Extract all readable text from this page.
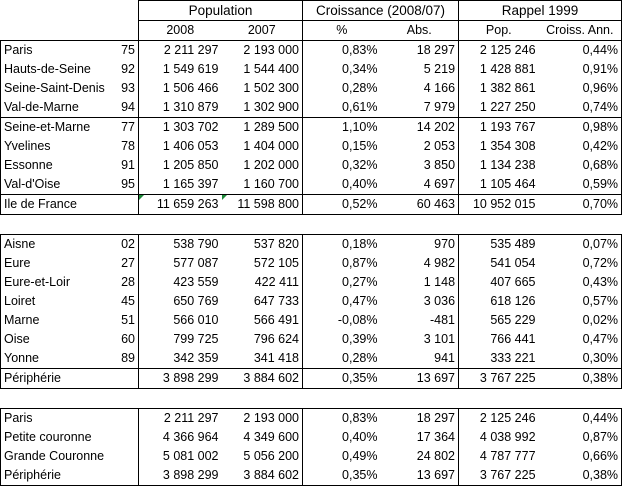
		Population		Croissance (2008/07)		Rappel 1999	
		2008	2007	%	Abs.	Pop.	Croiss. Ann.
Paris	75	2 211 297	2 193 000	0,83%	18 297	2 125 246	0,44%
Hauts-de-Seine	92	1 549 619	1 544 400	0,34%	5 219	1 428 881	0,91%
Seine-Saint-Denis	93	1 506 466	1 502 300	0,28%	4 166	1 382 861	0,96%
Val-de-Marne	94	1 310 879	1 302 900	0,61%	7 979	1 227 250	0,74%
Seine-et-Marne	77	1 303 702	1 289 500	1,10%	14 202	1 193 767	0,98%
Yvelines	78	1 406 053	1 404 000	0,15%	2 053	1 354 308	0,42%
Essonne	91	1 205 850	1 202 000	0,32%	3 850	1 134 238	0,68%
Val-d'Oise	95	1 165 397	1 160 700	0,40%	4 697	1 105 464	0,59%
Ile de France		11 659 263	11 598 800	0,52%	60 463	10 952 015	0,70%

Aisne	02	538 790	537 820	0,18%	970	535 489	0,07%
Eure	27	577 087	572 105	0,87%	4 982	541 054	0,72%
Eure-et-Loir	28	423 559	422 411	0,27%	1 148	407 665	0,43%
Loiret	45	650 769	647 733	0,47%	3 036	618 126	0,57%
Marne	51	566 010	566 491	-0,08%	-481	565 229	0,02%
Oise	60	799 725	796 624	0,39%	3 101	766 441	0,47%
Yonne	89	342 359	341 418	0,28%	941	333 221	0,30%
Périphérie		3 898 299	3 884 602	0,35%	13 697	3 767 225	0,38%

Paris		2 211 297	2 193 000	0,83%	18 297	2 125 246	0,44%
Petite couronne		4 366 964	4 349 600	0,40%	17 364	4 038 992	0,87%
Grande Couronne		5 081 002	5 056 200	0,49%	24 802	4 787 777	0,66%
Périphérie		3 898 299	3 884 602	0,35%	13 697	3 767 225	0,38%
